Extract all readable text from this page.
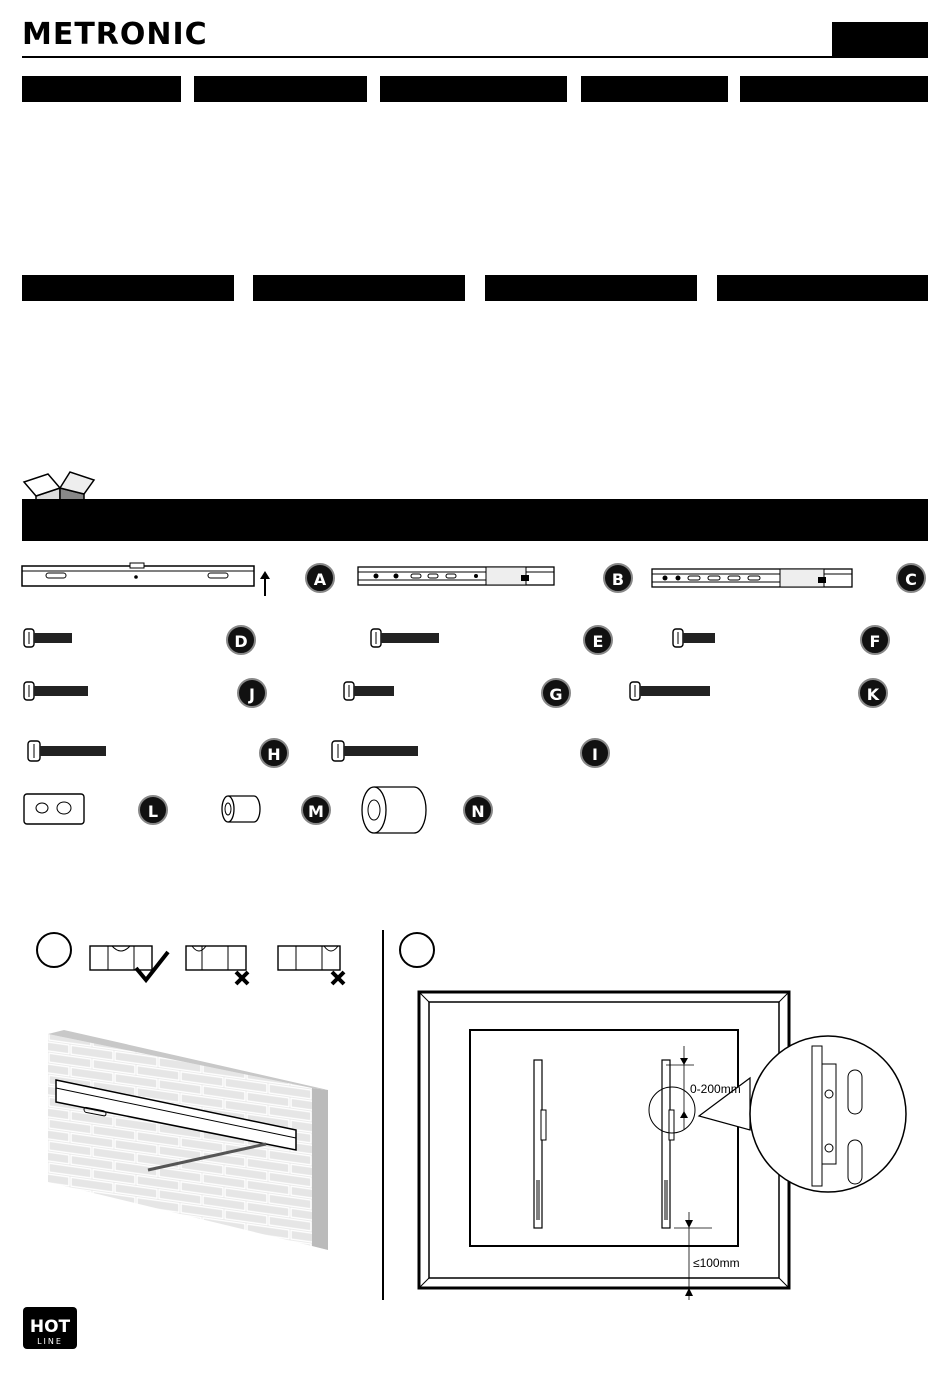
METRONIC
A	B	C
D	E	F
J	G	K
H	I
L	M	N
0-200mm
≤100mm
HOT
LINE
